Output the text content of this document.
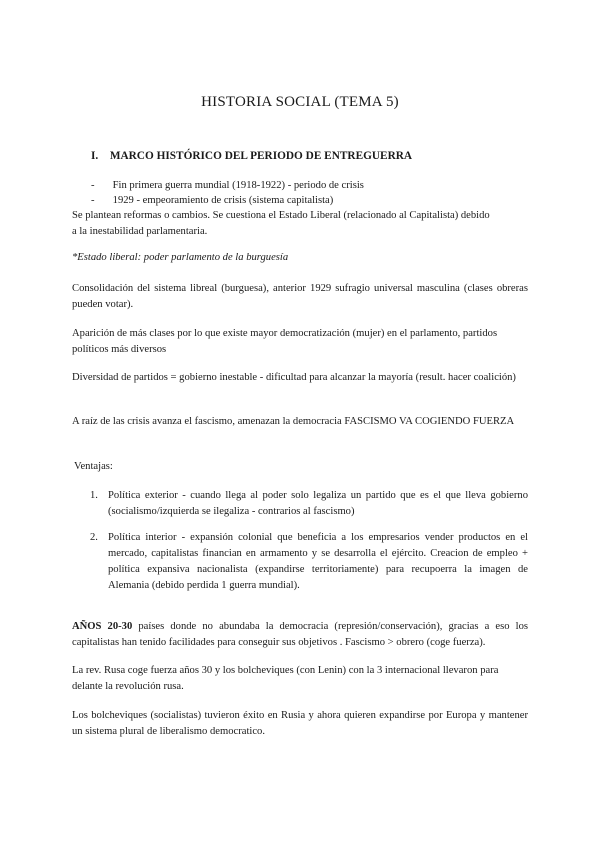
HISTORIA SOCIAL (TEMA 5)
I. MARCO HISTÓRICO DEL PERIODO DE ENTREGUERRA
- Fin primera guerra mundial (1918-1922) - periodo de crisis
- 1929 - empeoramiento de crisis (sistema capitalista)

Se plantean reformas o cambios. Se cuestiona el Estado Liberal (relacionado al Capitalista) debido a la inestabilidad parlamentaria.

*Estado liberal: poder parlamento de la burguesía

Consolidación del sistema libreal (burguesa), anterior 1929 sufragio universal masculina (clases obreras pueden votar).

Aparición de más clases por lo que existe mayor democratización (mujer) en el parlamento, partidos políticos más diversos

Diversidad de partidos = gobierno inestable - dificultad para alcanzar la mayoría (result. hacer coalición)

A raíz de las crisis avanza el fascismo, amenazan la democracia FASCISMO VA COGIENDO FUERZA

Ventajas:

1. Política exterior - cuando llega al poder solo legaliza un partido que es el que lleva gobierno (socialismo/izquierda se ilegaliza - contrarios al fascismo)
2. Política interior - expansión colonial que beneficia a los empresarios vender productos en el mercado, capitalistas financian en armamento y se desarrolla el ejército. Creacion de empleo + política expansiva nacionalista (expandirse territoriamente) para recupoerra la imagen de Alemania (debido perdida 1 guerra mundial).

AÑOS 20-30 países donde no abundaba la democracia (represión/conservación), gracias a eso los capitalistas han tenido facilidades para conseguir sus objetivos . Fascismo > obrero (coge fuerza).

La rev. Rusa coge fuerza años 30 y los bolcheviques (con Lenin) con la 3 internacional llevaron para delante la revolución rusa.

Los bolcheviques (socialistas) tuvieron éxito en Rusia y ahora quieren expandirse por Europa y mantener un sistema plural de liberalismo democratico.
